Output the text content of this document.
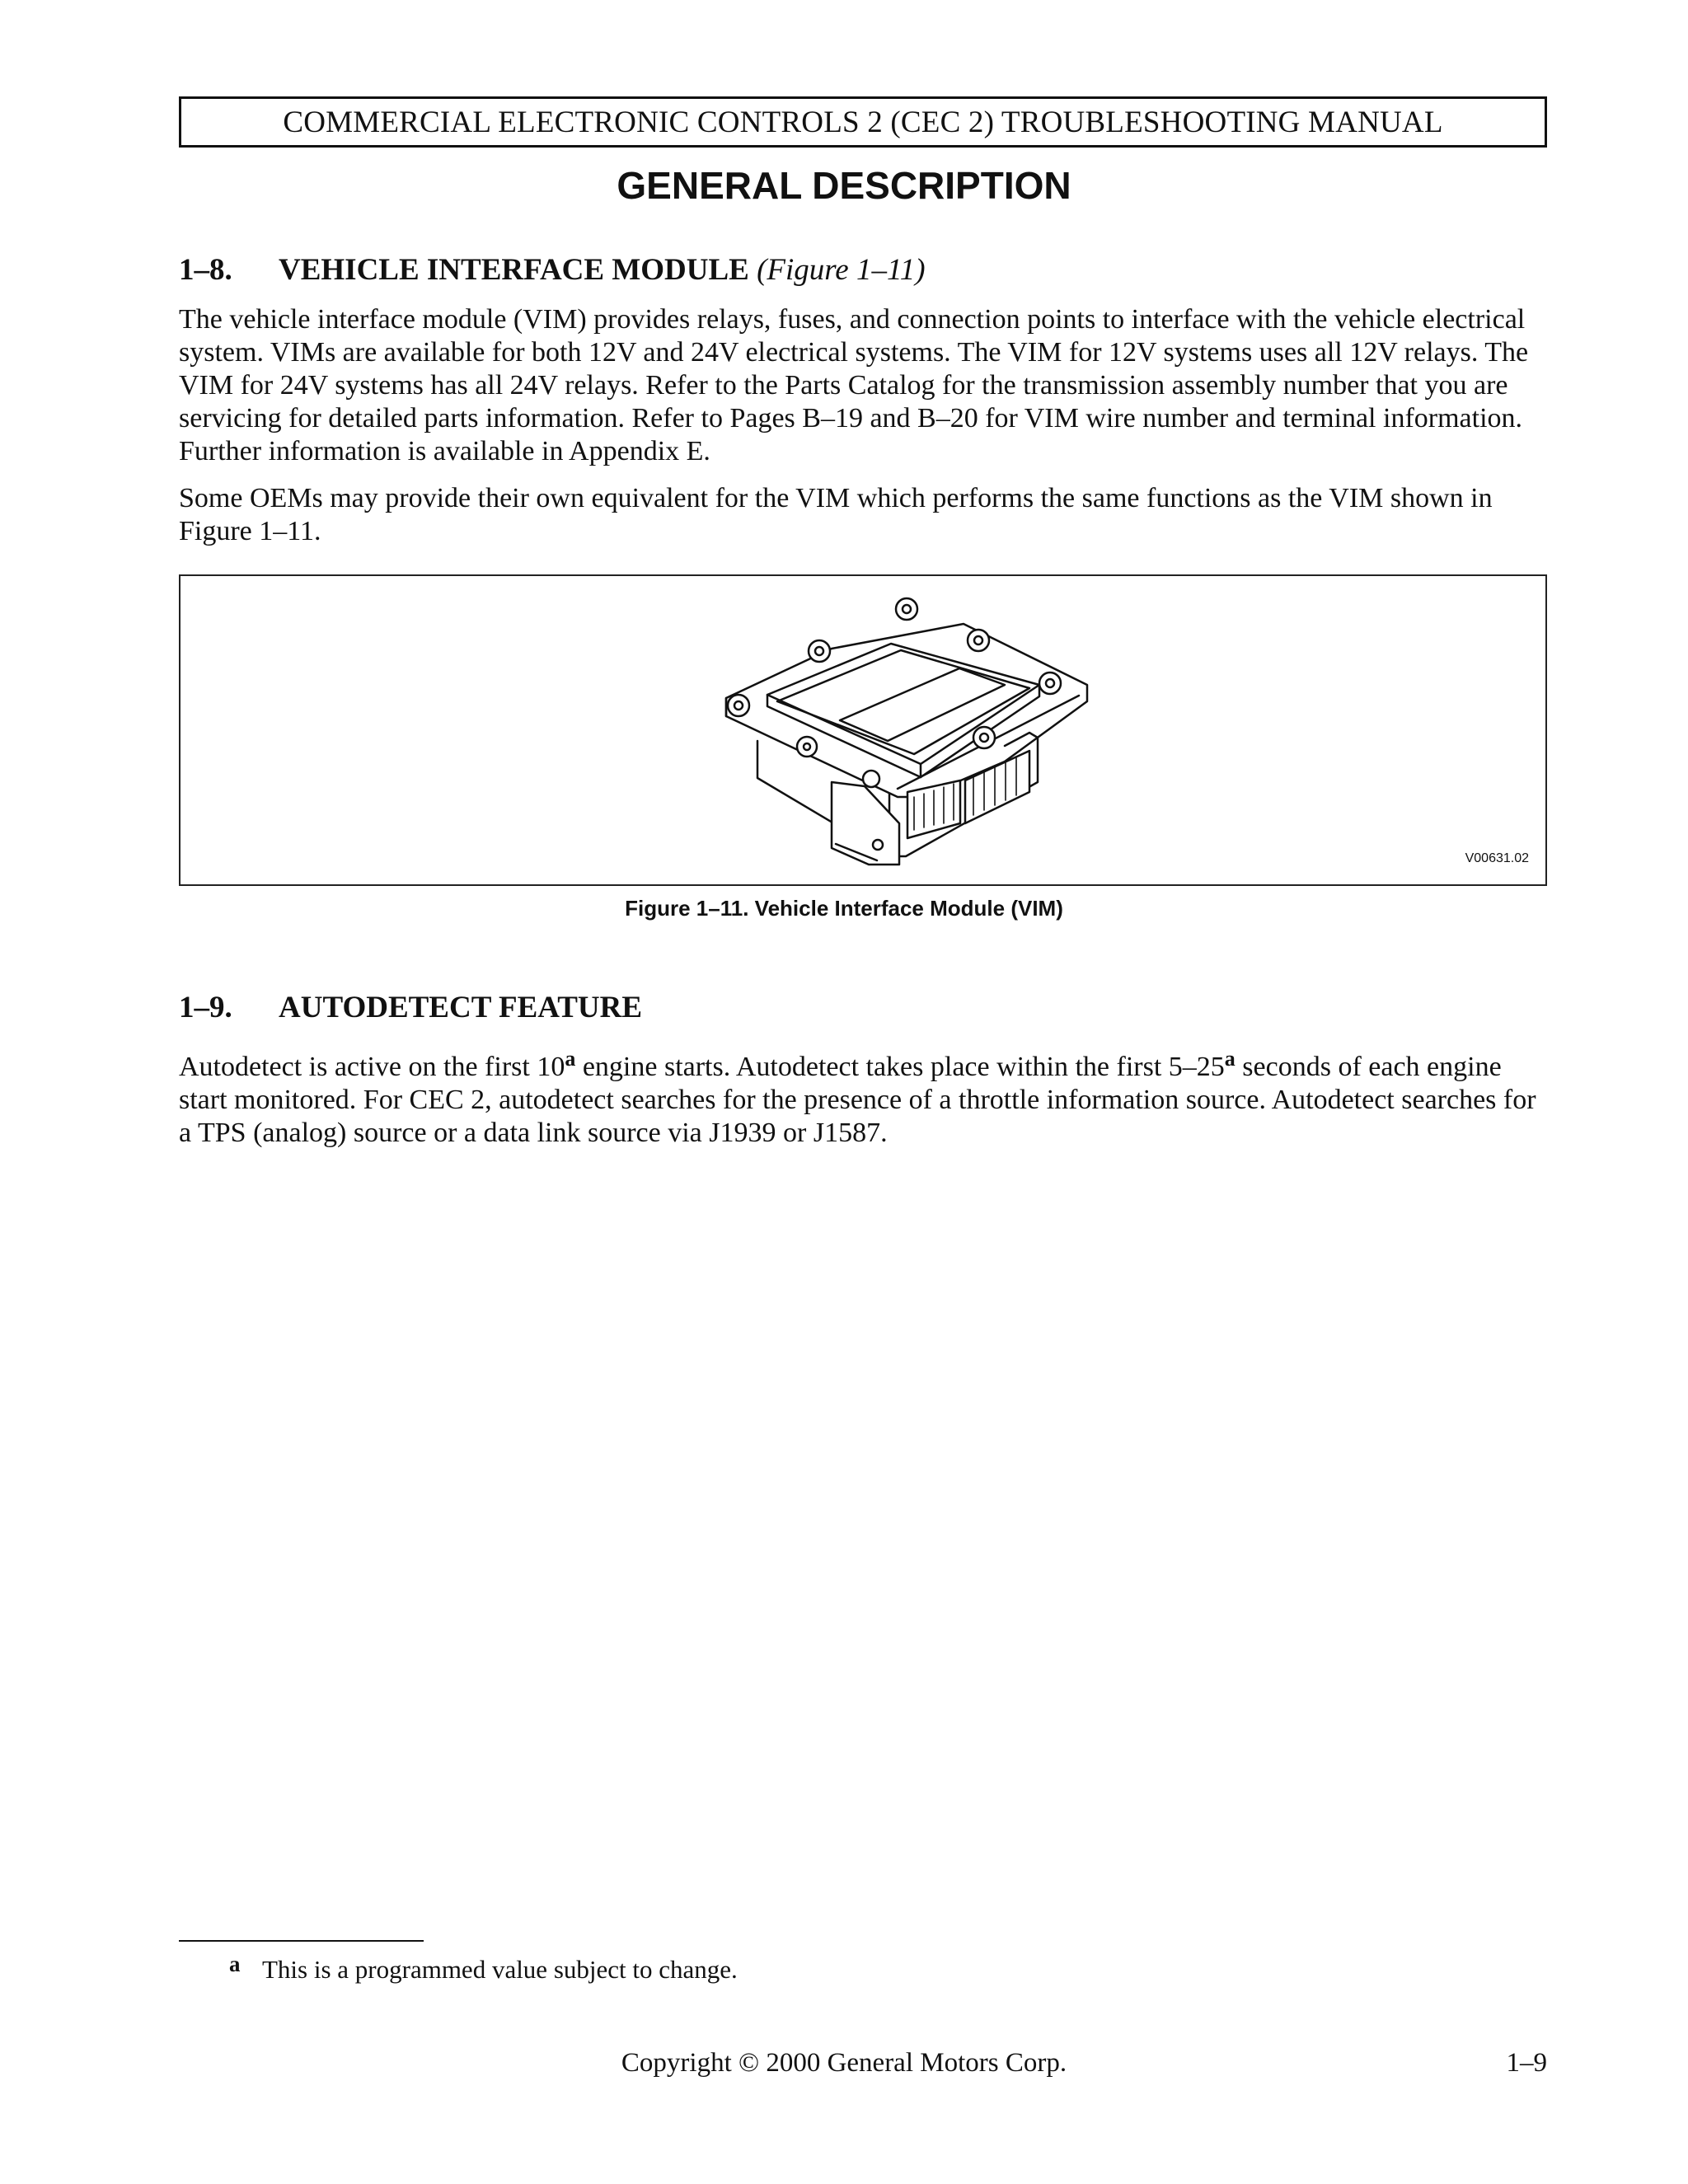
COMMERCIAL ELECTRONIC CONTROLS 2 (CEC 2) TROUBLESHOOTING MANUAL
GENERAL DESCRIPTION
1–8. VEHICLE INTERFACE MODULE (Figure 1–11)

The vehicle interface module (VIM) provides relays, fuses, and connection points to interface with the vehicle electrical system. VIMs are available for both 12V and 24V electrical systems. The VIM for 12V systems uses all 12V relays. The VIM for 24V systems has all 24V relays. Refer to the Parts Catalog for the transmission assembly number that you are servicing for detailed parts information. Refer to Pages B–19 and B–20 for VIM wire number and terminal information. Further information is available in Appendix E.

Some OEMs may provide their own equivalent for the VIM which performs the same functions as the VIM shown in Figure 1–11.

V00631.02
Figure 1–11. Vehicle Interface Module (VIM)
1–9. AUTODETECT FEATURE

Autodetect is active on the first 10$^a$ engine starts. Autodetect takes place within the first 5–25$^a$ seconds of each engine start monitored. For CEC 2, autodetect searches for the presence of a throttle information source. Autodetect searches for a TPS (analog) source or a data link source via J1939 or J1587.

a This is a programmed value subject to change.
Copyright © 2000 General Motors Corp.	1–9
